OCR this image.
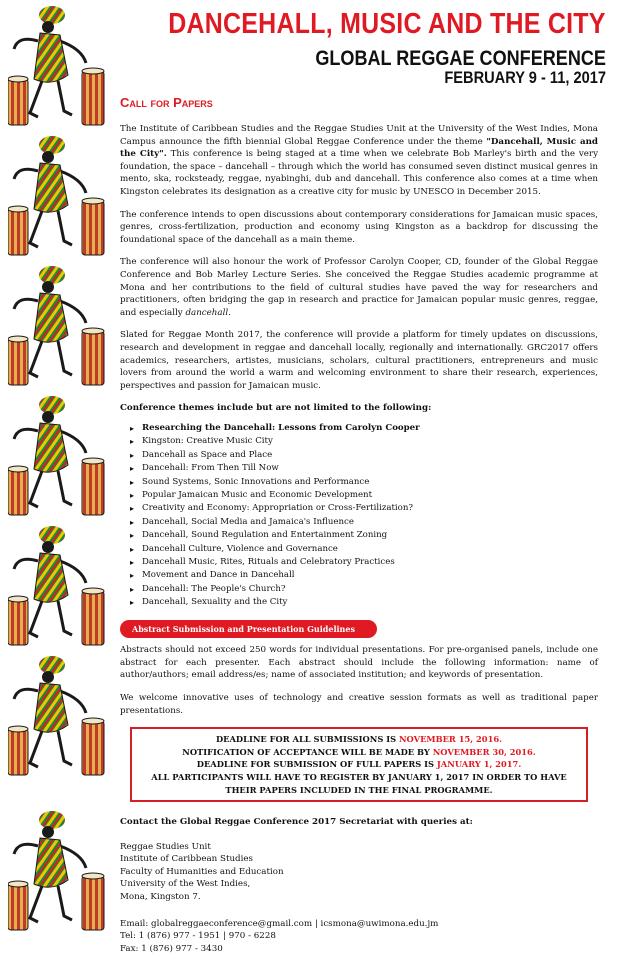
DANCEHALL, MUSIC AND THE CITY
GLOBAL REGGAE CONFERENCE
FEBRUARY 9 - 11, 2017
Call for Papers

The Institute of Caribbean Studies and the Reggae Studies Unit at the University of the West Indies, Mona Campus announce the fifth biennial Global Reggae Conference under the theme "Dancehall, Music and the City". This conference is being staged at a time when we celebrate Bob Marley's birth and the very foundation, the space – dancehall – through which the world has consumed seven distinct musical genres in mento, ska, rocksteady, reggae, nyabinghi, dub and dancehall. This conference also comes at a time when Kingston celebrates its designation as a creative city for music by UNESCO in December 2015.

The conference intends to open discussions about contemporary considerations for Jamaican music spaces, genres, cross-fertilization, production and economy using Kingston as a backdrop for discussing the foundational space of the dancehall as a main theme.

The conference will also honour the work of Professor Carolyn Cooper, CD, founder of the Global Reggae Conference and Bob Marley Lecture Series. She conceived the Reggae Studies academic programme at Mona and her contributions to the field of cultural studies have paved the way for researchers and practitioners, often bridging the gap in research and practice for Jamaican popular music genres, reggae, and especially dancehall.

Slated for Reggae Month 2017, the conference will provide a platform for timely updates on discussions, research and development in reggae and dancehall locally, regionally and internationally. GRC2017 offers academics, researchers, artistes, musicians, scholars, cultural practitioners, entrepreneurs and music lovers from around the world a warm and welcoming environment to share their research, experiences, perspectives and passion for Jamaican music.

Conference themes include but are not limited to the following:
▸ Researching the Dancehall: Lessons from Carolyn Cooper
▸ Kingston: Creative Music City
▸ Dancehall as Space and Place
▸ Dancehall: From Then Till Now
▸ Sound Systems, Sonic Innovations and Performance
▸ Popular Jamaican Music and Economic Development
▸ Creativity and Economy: Appropriation or Cross-Fertilization?
▸ Dancehall, Social Media and Jamaica's Influence
▸ Dancehall, Sound Regulation and Entertainment Zoning
▸ Dancehall Culture, Violence and Governance
▸ Dancehall Music, Rites, Rituals and Celebratory Practices
▸ Movement and Dance in Dancehall
▸ Dancehall: The People's Church?
▸ Dancehall, Sexuality and the City
Abstract Submission and Presentation Guidelines

Abstracts should not exceed 250 words for individual presentations. For pre-organised panels, include one abstract for each presenter. Each abstract should include the following information: name of author/authors; email address/es; name of associated institution; and keywords of presentation.

We welcome innovative uses of technology and creative session formats as well as traditional paper presentations.

DEADLINE FOR ALL SUBMISSIONS IS NOVEMBER 15, 2016.
NOTIFICATION OF ACCEPTANCE WILL BE MADE BY NOVEMBER 30, 2016.
DEADLINE FOR SUBMISSION OF FULL PAPERS IS JANUARY 1, 2017.
ALL PARTICIPANTS WILL HAVE TO REGISTER BY JANUARY 1, 2017 IN ORDER TO HAVE THEIR PAPERS INCLUDED IN THE FINAL PROGRAMME.
Contact the Global Reggae Conference 2017 Secretariat with queries at:
Reggae Studies Unit
Institute of Caribbean Studies
Faculty of Humanities and Education
University of the West Indies,
Mona, Kingston 7.
Email: globalreggaeconference@gmail.com | icsmona@uwimona.edu.jm
Tel: 1 (876) 977 - 1951 | 970 - 6228
Fax: 1 (876) 977 - 3430
